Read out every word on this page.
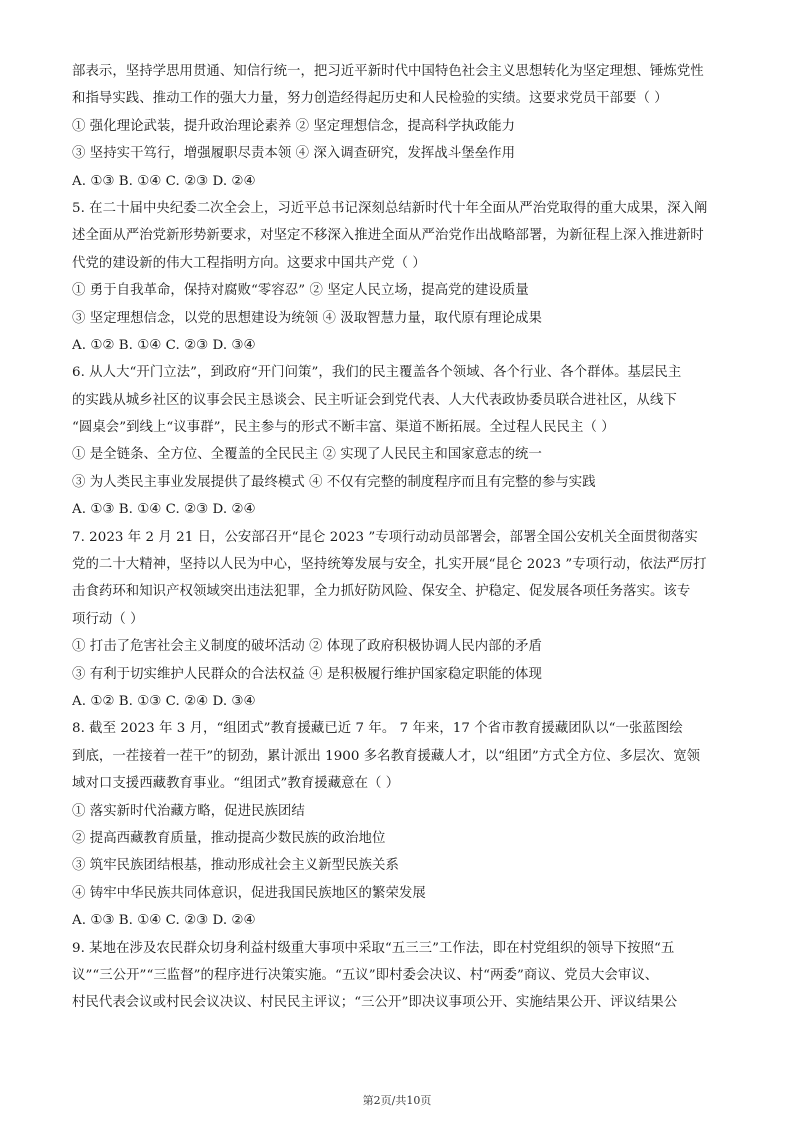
部表示，坚持学思用贯通、知信行统一，把习近平新时代中国特色社会主义思想转化为坚定理想、锤炼党性
和指导实践、推动工作的强大力量，努力创造经得起历史和人民检验的实绩。这要求党员干部要（ ）
① 强化理论武装，提升政治理论素养 ② 坚定理想信念，提高科学执政能力
③ 坚持实干笃行，增强履职尽责本领 ④ 深入调查研究，发挥战斗堡垒作用
A. ①③ B. ①④ C. ②③ D. ②④
5. 在二十届中央纪委二次全会上，习近平总书记深刻总结新时代十年全面从严治党取得的重大成果，深入阐
述全面从严治党新形势新要求，对坚定不移深入推进全面从严治党作出战略部署，为新征程上深入推进新时
代党的建设新的伟大工程指明方向。这要求中国共产党（ ）
① 勇于自我革命，保持对腐败“零容忍” ② 坚定人民立场，提高党的建设质量
③ 坚定理想信念，以党的思想建设为统领 ④ 汲取智慧力量，取代原有理论成果
A. ①② B. ①④ C. ②③ D. ③④
6. 从人大“开门立法”，到政府“开门问策”，我们的民主覆盖各个领域、各个行业、各个群体。基层民主
的实践从城乡社区的议事会民主恳谈会、民主听证会到党代表、人大代表政协委员联合进社区，从线下
“圆桌会”到线上“议事群”，民主参与的形式不断丰富、渠道不断拓展。全过程人民民主（ ）
① 是全链条、全方位、全覆盖的全民民主 ② 实现了人民民主和国家意志的统一
③ 为人类民主事业发展提供了最终模式 ④ 不仅有完整的制度程序而且有完整的参与实践
A. ①③ B. ①④ C. ②③ D. ②④
7. 2023 年 2 月 21 日，公安部召开“昆仑 2023 ”专项行动动员部署会，部署全国公安机关全面贯彻落实
党的二十大精神，坚持以人民为中心，坚持统筹发展与安全，扎实开展“昆仑 2023 ”专项行动，依法严厉打
击食药环和知识产权领域突出违法犯罪，全力抓好防风险、保安全、护稳定、促发展各项任务落实。该专
项行动（ ）
① 打击了危害社会主义制度的破坏活动 ② 体现了政府积极协调人民内部的矛盾
③ 有利于切实维护人民群众的合法权益 ④ 是积极履行维护国家稳定职能的体现
A. ①② B. ①③ C. ②④ D. ③④
8. 截至 2023 年 3 月，“组团式”教育援藏已近 7 年。 7 年来，17 个省市教育援藏团队以“一张蓝图绘
到底，一茬接着一茬干”的韧劲，累计派出 1900 多名教育援藏人才，以“组团”方式全方位、多层次、宽领
域对口支援西藏教育事业。“组团式”教育援藏意在（ ）
① 落实新时代治藏方略，促进民族团结
② 提高西藏教育质量，推动提高少数民族的政治地位
③ 筑牢民族团结根基，推动形成社会主义新型民族关系
④ 铸牢中华民族共同体意识，促进我国民族地区的繁荣发展
A. ①③ B. ①④ C. ②③ D. ②④
9. 某地在涉及农民群众切身利益村级重大事项中采取“五三三”工作法，即在村党组织的领导下按照“五
议”“三公开”“三监督”的程序进行决策实施。“五议”即村委会决议、村“两委”商议、党员大会审议、
村民代表会议或村民会议决议、村民民主评议；“三公开”即决议事项公开、实施结果公开、评议结果公
第2页/共10页
